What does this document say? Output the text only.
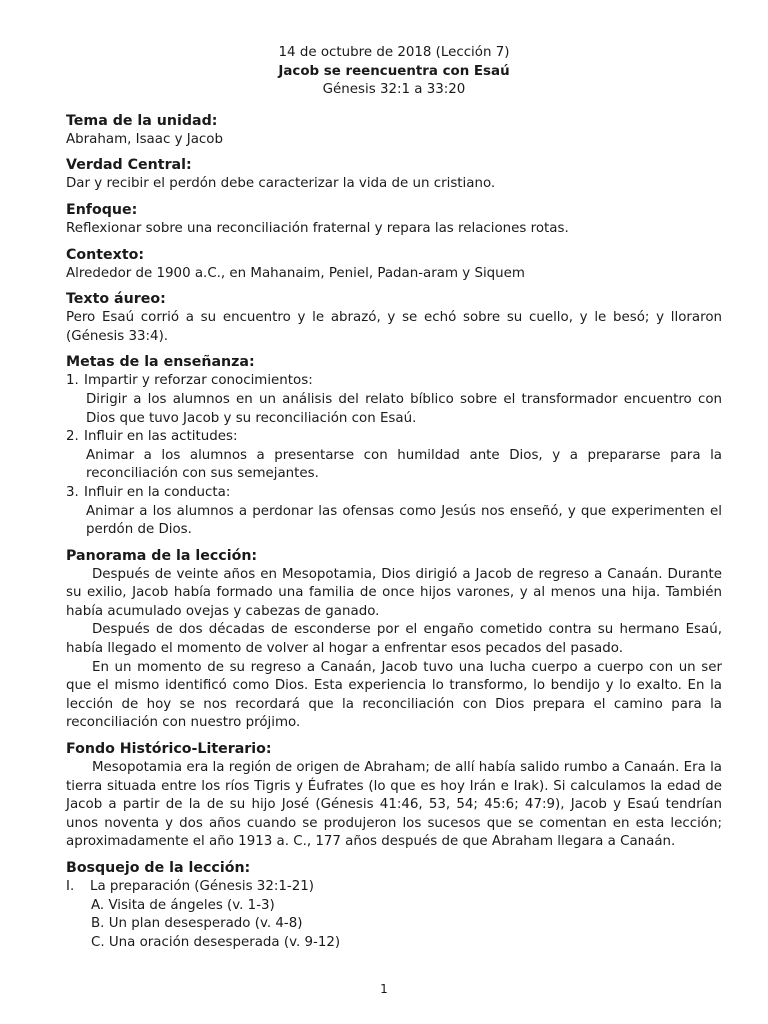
14 de octubre de 2018 (Lección 7)

Jacob se reencuentra con Esaú

Génesis 32:1 a 33:20

Tema de la unidad:

Abraham, Isaac y Jacob

Verdad Central:

Dar y recibir el perdón debe caracterizar la vida de un cristiano.

Enfoque:

Reflexionar sobre una reconciliación fraternal y repara las relaciones rotas.

Contexto:

Alrededor de 1900 a.C., en Mahanaim, Peniel, Padan-aram y Siquem

Texto áureo:

Pero Esaú corrió a su encuentro y le abrazó, y se echó sobre su cuello, y le besó; y lloraron (Génesis 33:4).

Metas de la enseñanza:
1. Impartir y reforzar conocimientos:

Dirigir a los alumnos en un análisis del relato bíblico sobre el transformador encuentro con Dios que tuvo Jacob y su reconciliación con Esaú.

2. Influir en las actitudes:

Animar a los alumnos a presentarse con humildad ante Dios, y a prepararse para la reconciliación con sus semejantes.

3. Influir en la conducta:

Animar a los alumnos a perdonar las ofensas como Jesús nos enseñó, y que experimenten el perdón de Dios.

Panorama de la lección:

Después de veinte años en Mesopotamia, Dios dirigió a Jacob de regreso a Canaán. Durante su exilio, Jacob había formado una familia de once hijos varones, y al menos una hija. También había acumulado ovejas y cabezas de ganado.

Después de dos décadas de esconderse por el engaño cometido contra su hermano Esaú, había llegado el momento de volver al hogar a enfrentar esos pecados del pasado.

En un momento de su regreso a Canaán, Jacob tuvo una lucha cuerpo a cuerpo con un ser que el mismo identificó como Dios. Esta experiencia lo transformo, lo bendijo y lo exalto. En la lección de hoy se nos recordará que la reconciliación con Dios prepara el camino para la reconciliación con nuestro prójimo.

Fondo Histórico-Literario:

Mesopotamia era la región de origen de Abraham; de allí había salido rumbo a Canaán. Era la tierra situada entre los ríos Tigris y Éufrates (lo que es hoy Irán e Irak). Si calculamos la edad de Jacob a partir de la de su hijo José (Génesis 41:46, 53, 54; 45:6; 47:9), Jacob y Esaú tendrían unos noventa y dos años cuando se produjeron los sucesos que se comentan en esta lección; aproximadamente el año 1913 a. C., 177 años después de que Abraham llegara a Canaán.

Bosquejo de la lección:
I.	La preparación (Génesis 32:1-21)

A. Visita de ángeles (v. 1-3)

B. Un plan desesperado (v. 4-8)

C. Una oración desesperada (v. 9-12)

1
